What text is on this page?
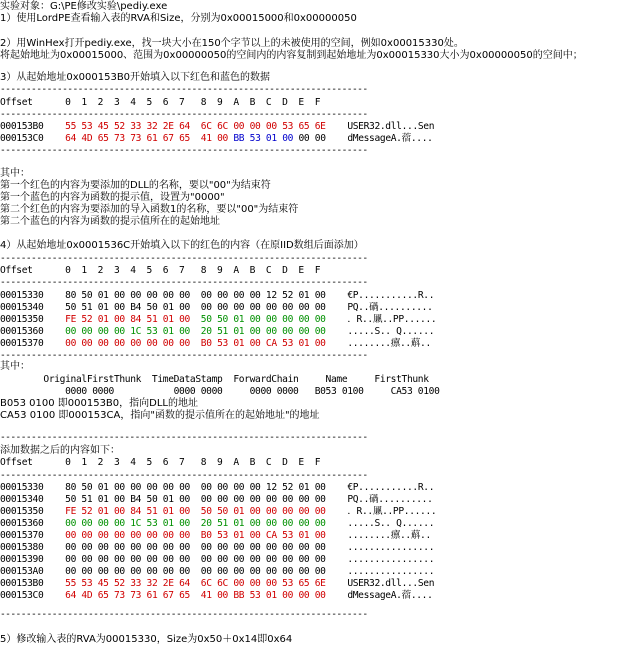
实验对象：G:\PE修改实验\pediy.exe
1）使用LordPE查看输入表的RVA和Size，分别为0x00015000和0x00000050
2）用WinHex打开pediy.exe，找一块大小在150个字节以上的未被使用的空间，例如0x00015330处。
将起始地址为0x00015000、范围为0x00000050的空间内的内容复制到起始地址为0x00015330大小为0x00000050的空间中；
3）从起始地址0x000153B0开始填入以下红色和蓝色的数据
-----------------------------------------------------------------------
Offset      0  1  2  3  4  5  6  7   8  9  A  B  C  D  E  F
-----------------------------------------------------------------------
000153B0 55 53 45 52 33 32 2E 64  6C 6C 00 00 00 53 65 6E USER32.dll...Sen
000153C0 64 4D 65 73 73 61 67 65  41 00 BB 53 01 00 00 00 dMessageA.蓿....
-----------------------------------------------------------------------
其中：
第一个红色的内容为要添加的DLL的名称，要以"00"为结束符
第一个蓝色的内容为函数的提示值，设置为"0000"
第二个红色的内容为要添加的导入函数1的名称，要以"00"为结束符
第二个蓝色的内容为函数的提示值所在的起始地址
4）从起始地址0x0001536C开始填入以下的红色的内容（在原IID数组后面添加）
-----------------------------------------------------------------------
Offset      0  1  2  3  4  5  6  7   8  9  A  B  C  D  E  F
-----------------------------------------------------------------------
00015330 80 50 01 00 00 00 00 00  00 00 00 00 12 52 01 00 €P...........R..
00015340 50 51 01 00 B4 50 01 00  00 00 00 00 00 00 00 00 PQ..碢..........
00015350 FE 52 01 00 84 51 01 00 50 50 01 00 00 00 00 00 ．R..凲..PP......
00015360 00 00 00 00 1C 53 01 00  20 51 01 00 00 00 00 00 .....S.. Q......
00015370 00 00 00 00 00 00 00 00  B0 53 01 00 CA 53 01 00 ........癝..蔛..
-----------------------------------------------------------------------
其中：
OriginalFirstThunk  TimeDataStamp  ForwardChain     Name     FirstThunk
0000 0000           0000 0000     0000 0000   B053 0100     CA53 0100
B053 0100 即000153B0，指向DLL的地址
CA53 0100 即000153CA，指向"函数的提示值所在的起始地址"的地址
-----------------------------------------------------------------------
添加数据之后的内容如下：
Offset      0  1  2  3  4  5  6  7   8  9  A  B  C  D  E  F
-----------------------------------------------------------------------
00015330 80 50 01 00 00 00 00 00  00 00 00 00 12 52 01 00 €P...........R..
00015340 50 51 01 00 B4 50 01 00  00 00 00 00 00 00 00 00 PQ..碢..........
00015350 FE 52 01 00 84 51 01 00  50 50 01 00 00 00 00 00 ．R..凲..PP......
00015360 00 00 00 00 1C 53 01 00  20 51 01 00 00 00 00 00 .....S.. Q......
00015370 00 00 00 00 00 00 00 00  B0 53 01 00 CA 53 01 00 ........癝..蔛..
00015380 00 00 00 00 00 00 00 00  00 00 00 00 00 00 00 00 ................
00015390 00 00 00 00 00 00 00 00  00 00 00 00 00 00 00 00 ................
000153A0 00 00 00 00 00 00 00 00  00 00 00 00 00 00 00 00 ................
000153B0 55 53 45 52 33 32 2E 64  6C 6C 00 00 00 53 65 6E USER32.dll...Sen
000153C0 64 4D 65 73 73 61 67 65  41 00 BB 53 01 00 00 00 dMessageA.蓿....
-----------------------------------------------------------------------
5）修改输入表的RVA为00015330，Size为0x50＋0x14即0x64
